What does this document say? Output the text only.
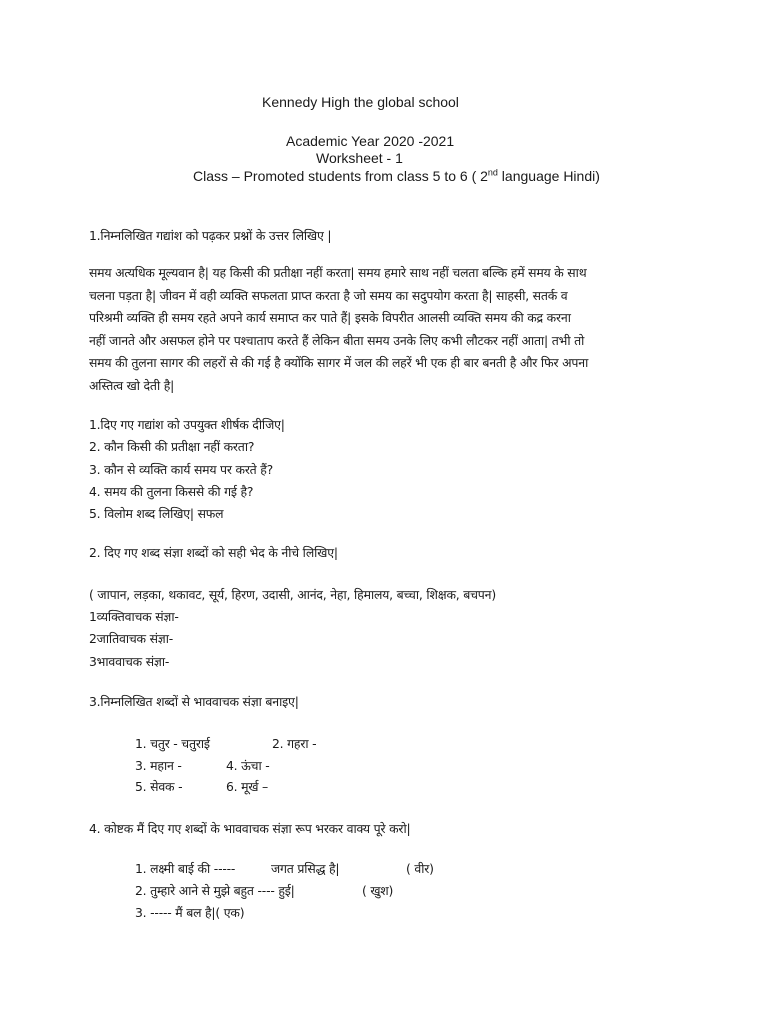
Kennedy High the global school
Academic Year 2020 -2021
Worksheet - 1
Class – Promoted students from class 5 to 6 ( 2nd language Hindi)
1.निम्नलिखित गद्यांश को पढ़कर प्रश्नों के उत्तर लिखिए |
समय अत्यधिक मूल्यवान है| यह किसी की प्रतीक्षा नहीं करता| समय हमारे साथ नहीं चलता बल्कि हमें समय के साथ
चलना पड़ता है| जीवन में वही व्यक्ति सफलता प्राप्त करता है जो समय का सदुपयोग करता है| साहसी, सतर्क व
परिश्रमी व्यक्ति ही समय रहते अपने कार्य समाप्त कर पाते हैं| इसके विपरीत आलसी व्यक्ति समय की कद्र करना
नहीं जानते और असफल होने पर पश्चाताप करते हैं लेकिन बीता समय उनके लिए कभी लौटकर नहीं आता| तभी तो
समय की तुलना सागर की लहरों से की गई है क्योंकि सागर में जल की लहरें भी एक ही बार बनती है और फिर अपना
अस्तित्व खो देती है|
1.दिए गए गद्यांश को उपयुक्त शीर्षक दीजिए|
2. कौन किसी की प्रतीक्षा नहीं करता?
3. कौन से व्यक्ति कार्य समय पर करते हैं?
4. समय की तुलना किससे की गई है?
5. विलोम शब्द लिखिए| सफल
2. दिए गए शब्द संज्ञा शब्दों को सही भेद के नीचे लिखिए|
( जापान, लड़का, थकावट, सूर्य, हिरण, उदासी, आनंद, नेहा, हिमालय, बच्चा, शिक्षक, बचपन)
1व्यक्तिवाचक संज्ञा-
2जातिवाचक संज्ञा-
3भाववाचक संज्ञा-
3.निम्नलिखित शब्दों से भाववाचक संज्ञा बनाइए|
1. चतुर - चतुराई	2. गहरा -
3. महान -	4. ऊंचा -
5. सेवक -	6. मूर्ख –
4. कोष्टक मैं दिए गए शब्दों के भाववाचक संज्ञा रूप भरकर वाक्य पूरे करो|
1. लक्ष्मी बाई की -----	जगत प्रसिद्ध है|	( वीर)
2. तुम्हारे आने से मुझे बहुत ---- हुई|	( खुश)
3. ----- मैं बल है|( एक)
